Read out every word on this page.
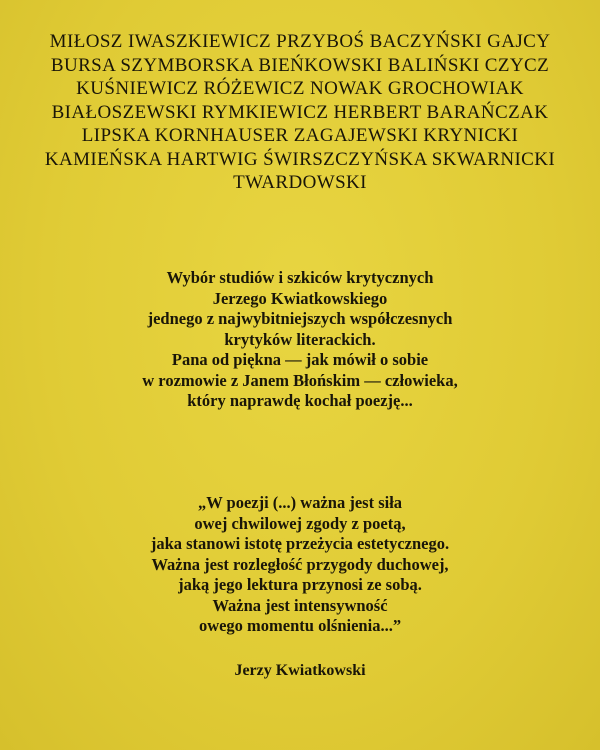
MIŁOSZ IWASZKIEWICZ PRZYBOŚ BACZYŃSKI GAJCY
BURSA SZYMBORSKA BIEŃKOWSKI BALIŃSKI CZYCZ
KUŚNIEWICZ RÓŻEWICZ NOWAK GROCHOWIAK
BIAŁOSZEWSKI RYMKIEWICZ HERBERT BARAŃCZAK
LIPSKA KORNHAUSER ZAGAJEWSKI KRYNICKI
KAMIEŃSKA HARTWIG ŚWIRSZCZYŃSKA SKWARNICKI
TWARDOWSKI
Wybór studiów i szkiców krytycznych
Jerzego Kwiatkowskiego
jednego z najwybitniejszych współczesnych
krytyków literackich.
Pana od piękna — jak mówił o sobie
w rozmowie z Janem Błońskim — człowieka,
który naprawdę kochał poezję...
„W poezji (...) ważna jest siła
owej chwilowej zgody z poetą,
jaka stanowi istotę przeżycia estetycznego.
Ważna jest rozległość przygody duchowej,
jaką jego lektura przynosi ze sobą.
Ważna jest intensywność
owego momentu olśnienia...”
Jerzy Kwiatkowski
